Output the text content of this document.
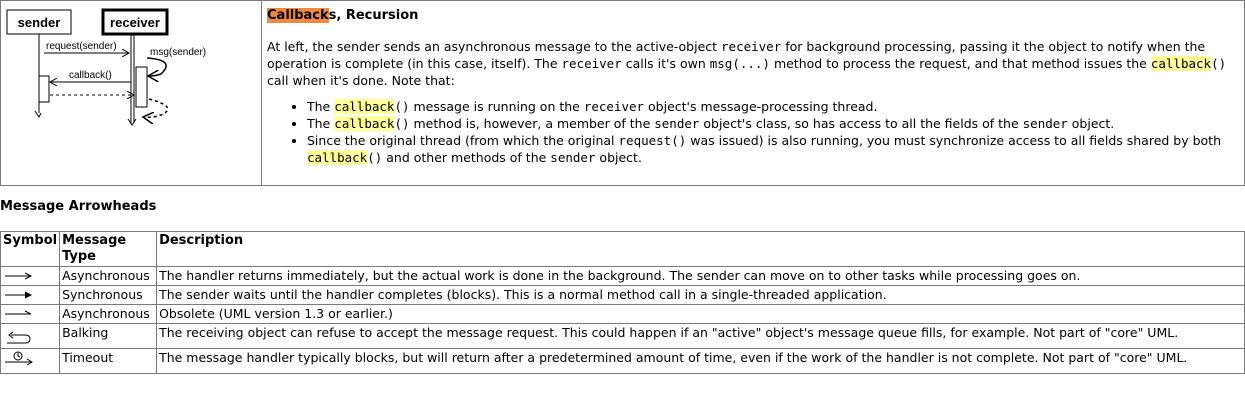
sender	receiver
request(sender)
msg(sender)
callback()

Callbacks, Recursion

At left, the sender sends an asynchronous message to the active-object receiver for background processing, passing it the object to notify when the operation is complete (in this case, itself). The receiver calls it's own msg(...) method to process the request, and that method issues the callback() call when it's done. Note that:

• The callback() message is running on the receiver object's message-processing thread.
• The callback() method is, however, a member of the sender object's class, so has access to all the fields of the sender object.
• Since the original thread (from which the original request() was issued) is also running, you must synchronize access to all fields shared by both callback() and other methods of the sender object.
Message Arrowheads
Symbol	Message Type	Description

	Asynchronous	The handler returns immediately, but the actual work is done in the background. The sender can move on to other tasks while processing goes on.

	Synchronous	The sender waits until the handler completes (blocks). This is a normal method call in a single-threaded application.

	Asynchronous	Obsolete (UML version 1.3 or earlier.)

	Balking	The receiving object can refuse to accept the message request. This could happen if an "active" object's message queue fills, for example. Not part of "core" UML.

	Timeout	The message handler typically blocks, but will return after a predetermined amount of time, even if the work of the handler is not complete. Not part of "core" UML.
